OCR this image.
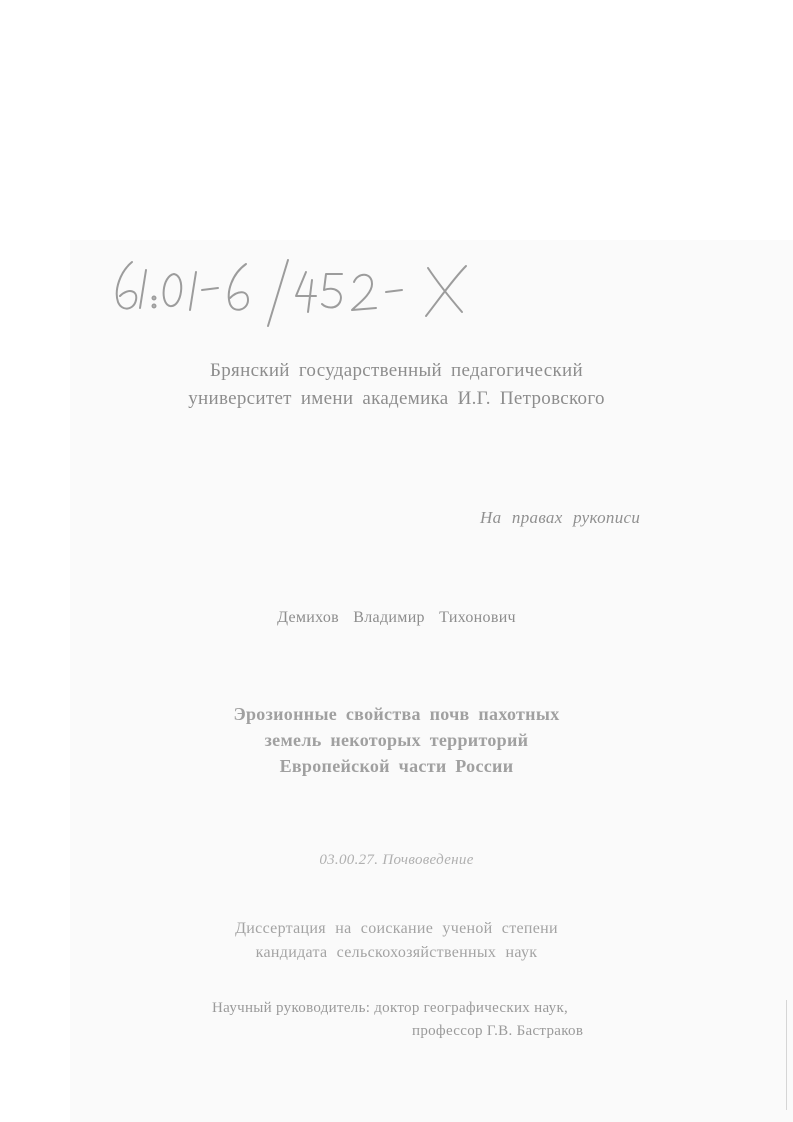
Брянский государственный педагогический
университет имени академика И.Г. Петровского
На правах рукописи
Демихов Владимир Тихонович
Эрозионные свойства почв пахотных
земель некоторых территорий
Европейской части России
03.00.27. Почвоведение
Диссертация на соискание ученой степени
кандидата сельскохозяйственных наук
Научный руководитель: доктор географических наук,
профессор Г.В. Бастраков
